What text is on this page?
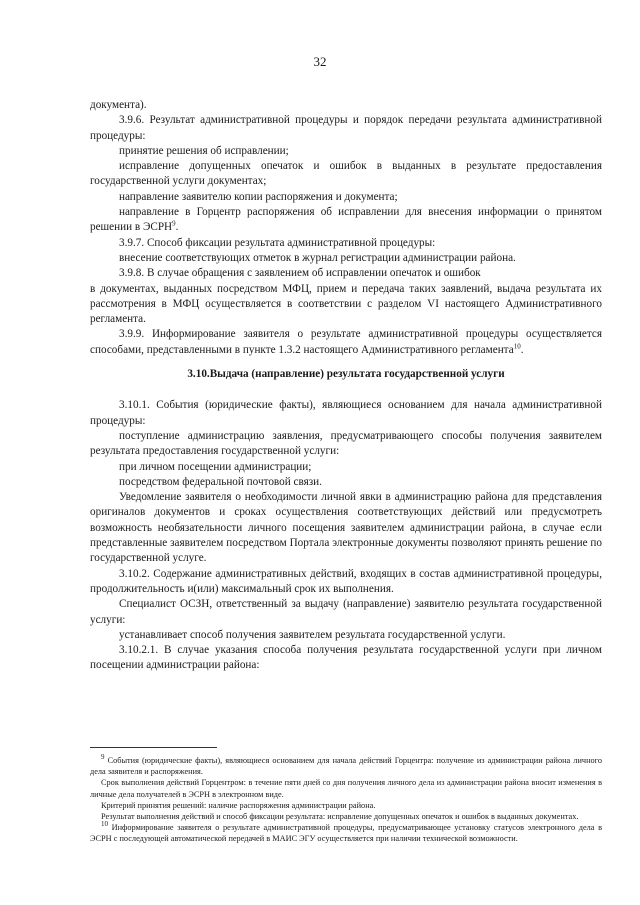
32

документа).

3.9.6. Результат административной процедуры и порядок передачи результата административной процедуры:

принятие решения об исправлении;

исправление допущенных опечаток и ошибок в выданных в результате предоставления государственной услуги документах;

направление заявителю копии распоряжения и документа;

направление в Горцентр распоряжения об исправлении для внесения информации о принятом решении в ЭСРН$^9$.

3.9.7. Способ фиксации результата административной процедуры:

внесение соответствующих отметок в журнал регистрации администрации района.

3.9.8. В случае обращения с заявлением об исправлении опечаток и ошибок

в документах, выданных посредством МФЦ, прием и передача таких заявлений, выдача результата их рассмотрения в МФЦ осуществляется в соответствии с разделом VI настоящего Административного регламента.

3.9.9. Информирование заявителя о результате административной процедуры осуществляется способами, представленными в пункте 1.3.2 настоящего Административного регламента$^{10}$.

3.10.Выдача (направление) результата государственной услуги

3.10.1. События (юридические факты), являющиеся основанием для начала административной процедуры:

поступление администрацию заявления, предусматривающего способы получения заявителем результата предоставления государственной услуги:

при личном посещении администрации;

посредством федеральной почтовой связи.

Уведомление заявителя о необходимости личной явки в администрацию района для представления оригиналов документов и сроках осуществления соответствующих действий или предусмотреть возможность необязательности личного посещения заявителем администрации района, в случае если представленные заявителем посредством Портала электронные документы позволяют принять решение по государственной услуге.

3.10.2. Содержание административных действий, входящих в состав административной процедуры, продолжительность и(или) максимальный срок их выполнения.

Специалист ОСЗН, ответственный за выдачу (направление) заявителю результата государственной услуги:

устанавливает способ получения заявителем результата государственной услуги.

3.10.2.1. В случае указания способа получения результата государственной услуги при личном посещении администрации района:

$^9$ События (юридические факты), являющиеся основанием для начала действий Горцентра: получение из администрации района личного дела заявителя и распоряжения.

Срок выполнения действий Горцентром: в течение пяти дней со дня получения личного дела из администрации района вносит изменения в личные дела получателей в ЭСРН в электронном виде.

Критерий принятия решений: наличие распоряжения администрации района.

Результат выполнения действий и способ фиксации результата: исправление допущенных опечаток и ошибок в выданных документах.

$^{10}$ Информирование заявителя о результате административной процедуры, предусматривающее установку статусов электронного дела в ЭСРН с последующей автоматической передачей в МАИС ЭГУ осуществляется при наличии технической возможности.
